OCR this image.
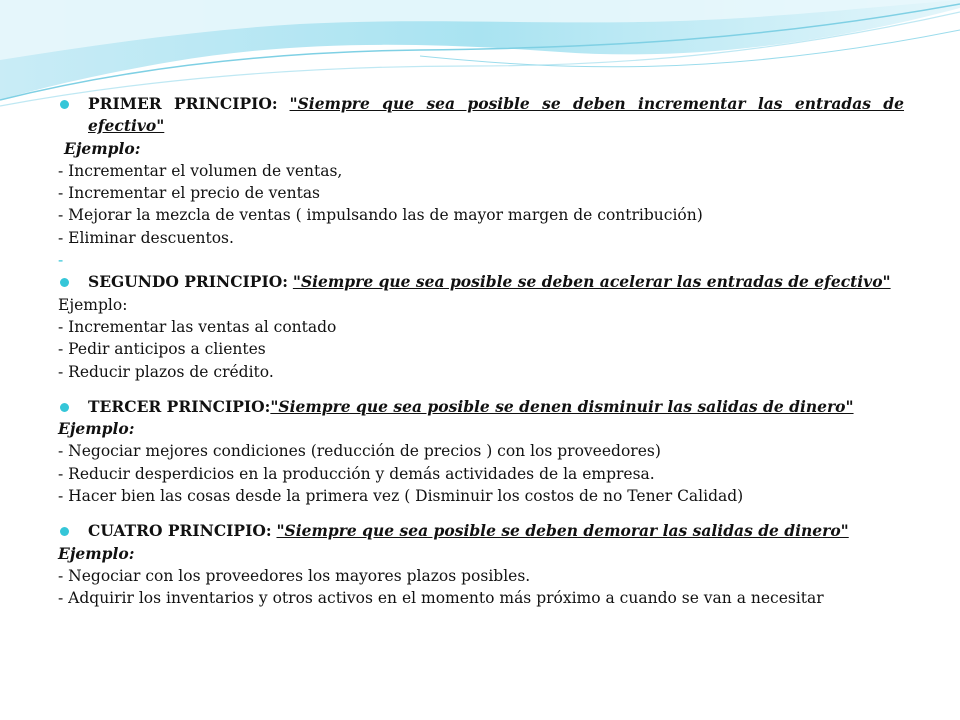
PRIMER PRINCIPIO: "Siempre que sea posible se deben incrementar las entradas de efectivo"
Ejemplo:
- Incrementar el volumen de ventas,
- Incrementar el precio de ventas
- Mejorar la mezcla de ventas ( impulsando las de mayor margen de contribución)
- Eliminar descuentos.
-
SEGUNDO PRINCIPIO: "Siempre que sea posible se deben acelerar las entradas de efectivo"
Ejemplo:
- Incrementar las ventas al contado
- Pedir anticipos a clientes
- Reducir plazos de crédito.
TERCER PRINCIPIO:"Siempre que sea posible se denen disminuir las salidas de dinero"
Ejemplo:
- Negociar mejores condiciones (reducción de precios ) con los proveedores)
- Reducir desperdicios en la producción y demás actividades de la empresa.
- Hacer bien las cosas desde la primera vez ( Disminuir los costos de no Tener Calidad)
CUATRO PRINCIPIO: "Siempre que sea posible se deben demorar las salidas de dinero"
Ejemplo:
- Negociar con los proveedores los mayores plazos posibles.
- Adquirir los inventarios y otros activos en el momento más próximo a cuando se van a necesitar
